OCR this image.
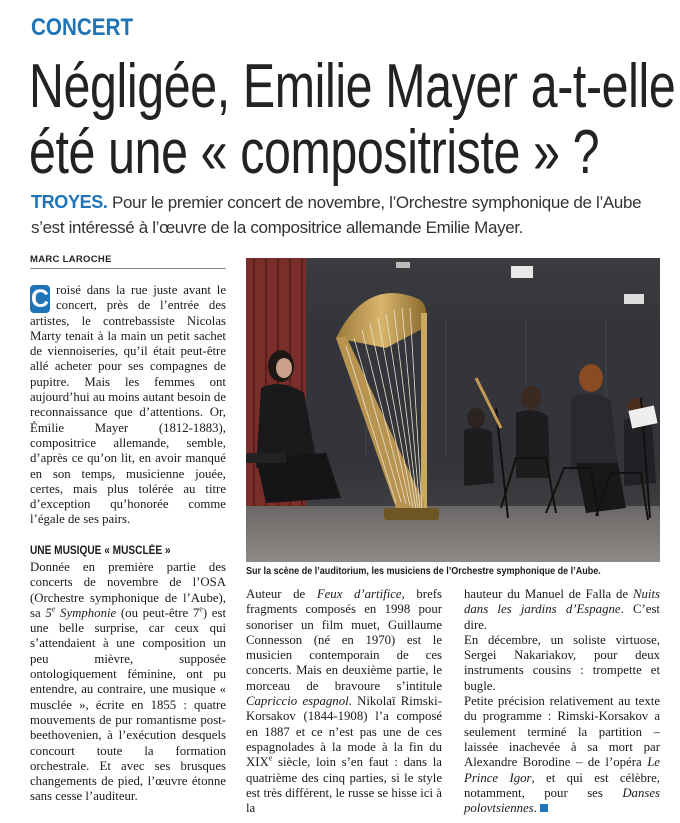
CONCERT
Négligée, Emilie Mayer a-t-elle
été une « compositriste » ?
TROYES. Pour le premier concert de novembre, l’Orchestre symphonique de l’Aube s’est intéressé à l’œuvre de la compositrice allemande Emilie Mayer.
MARC LAROCHE

C roisé dans la rue juste avant le concert, près de l’entrée des artistes, le contrebassiste Nicolas Marty tenait à la main un petit sachet de viennoiseries, qu’il était peut-être allé acheter pour ses compagnes de pupitre. Mais les femmes ont aujourd’hui au moins autant besoin de reconnaissance que d’attentions. Or, Émilie Mayer (1812-1883), compositrice allemande, semble, d’après ce qu’on lit, en avoir manqué en son temps, musicienne jouée, certes, mais plus tolérée au titre d’exception qu’honorée comme l’égale de ses pairs.

UNE MUSIQUE « MUSCLÉE »

Donnée en première partie des concerts de novembre de l’OSA (Orchestre symphonique de l’Aube), sa 5e Symphonie (ou peut-être 7e) est une belle surprise, car ceux qui s’attendaient à une composition un peu mièvre, supposée ontologiquement féminine, ont pu entendre, au contraire, une musique « musclée », écrite en 1855 : quatre mouvements de pur romantisme post-beethovenien, à l’exécution desquels concourt toute la formation orchestrale. Et avec ses brusques changements de pied, l’œuvre étonne sans cesse l’auditeur.

Sur la scène de l’auditorium, les musiciens de l’Orchestre symphonique de l’Aube.

Auteur de Feux d’artifice, brefs fragments composés en 1998 pour sonoriser un film muet, Guillaume Connesson (né en 1970) est le musicien contemporain de ces concerts. Mais en deuxième partie, le morceau de bravoure s’intitule Capriccio espagnol. Nikolaï Rimski-Korsakov (1844-1908) l’a composé en 1887 et ce n’est pas une de ces espagnolades à la mode à la fin du XIXe siècle, loin s’en faut : dans la quatrième des cinq parties, si le style est très différent, le russe se hisse ici à la

hauteur du Manuel de Falla de Nuits dans les jardins d’Espagne. C’est dire.

En décembre, un soliste virtuose, Sergei Nakariakov, pour deux instruments cousins : trompette et bugle.

Petite précision relativement au texte du programme : Rimski-Korsakov a seulement terminé la partition – laissée inachevée à sa mort par Alexandre Borodine – de l’opéra Le Prince Igor, et qui est célèbre, notamment, pour ses Danses polovtsiennes.
